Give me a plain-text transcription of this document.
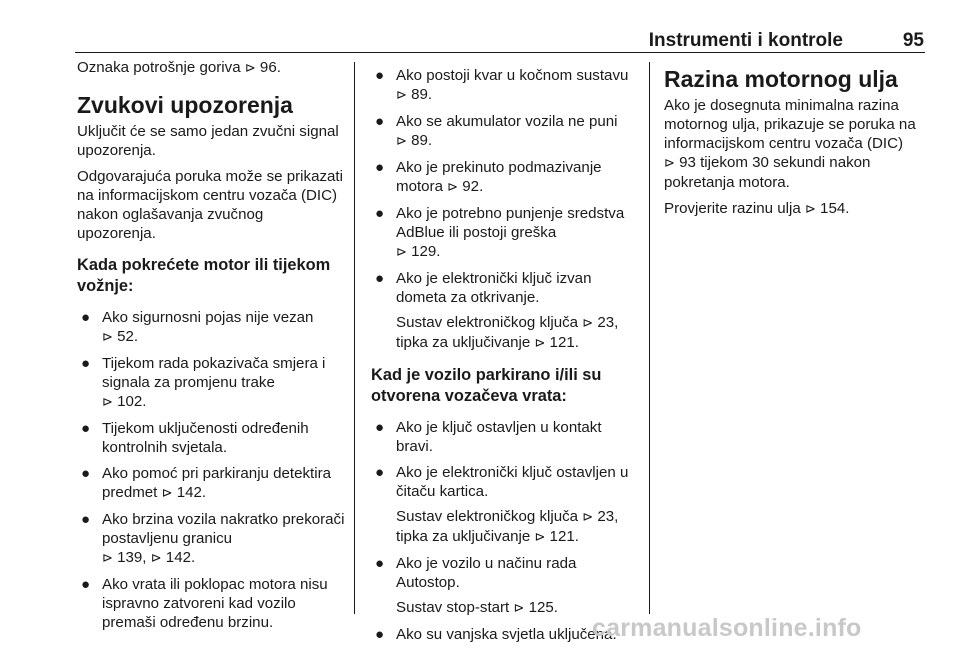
Instrumenti i kontrole	95

Oznaka potrošnje goriva ⊳ 96.

Zvukovi upozorenja

Uključit će se samo jedan zvučni signal upozorenja.

Odgovarajuća poruka može se prikazati na informacijskom centru vozača (DIC) nakon oglašavanja zvučnog upozorenja.

Kada pokrećete motor ili tijekom vožnje:
● Ako sigurnosni pojas nije vezan
⊳ 52.
● Tijekom rada pokazivača smjera i signala za promjenu trake
⊳ 102.
● Tijekom uključenosti određenih kontrolnih svjetala.
● Ako pomoć pri parkiranju detektira predmet ⊳ 142.
● Ako brzina vozila nakratko prekorači postavljenu granicu
⊳ 139, ⊳ 142.
● Ako vrata ili poklopac motora nisu ispravno zatvoreni kad vozilo premaši određenu brzinu.
● Ako postoji kvar u kočnom sustavu ⊳ 89.
● Ako se akumulator vozila ne puni
⊳ 89.
● Ako je prekinuto podmazivanje motora ⊳ 92.
● Ako je potrebno punjenje sredstva AdBlue ili postoji greška
⊳ 129.
● Ako je elektronički ključ izvan dometa za otkrivanje.
Sustav elektroničkog ključa ⊳ 23,
tipka za uključivanje ⊳ 121.
Kad je vozilo parkirano i/ili su otvorena vozačeva vrata:
● Ako je ključ ostavljen u kontakt bravi.
● Ako je elektronički ključ ostavljen u čitaču kartica.
Sustav elektroničkog ključa ⊳ 23,
tipka za uključivanje ⊳ 121.
● Ako je vozilo u načinu rada Autostop.
Sustav stop-start ⊳ 125.
● Ako su vanjska svjetla uključena.
Razina motornog ulja

Ako je dosegnuta minimalna razina motornog ulja, prikazuje se poruka na informacijskom centru vozača (DIC)
⊳ 93 tijekom 30 sekundi nakon pokretanja motora.

Provjerite razinu ulja ⊳ 154.

carmanualsonline.info
